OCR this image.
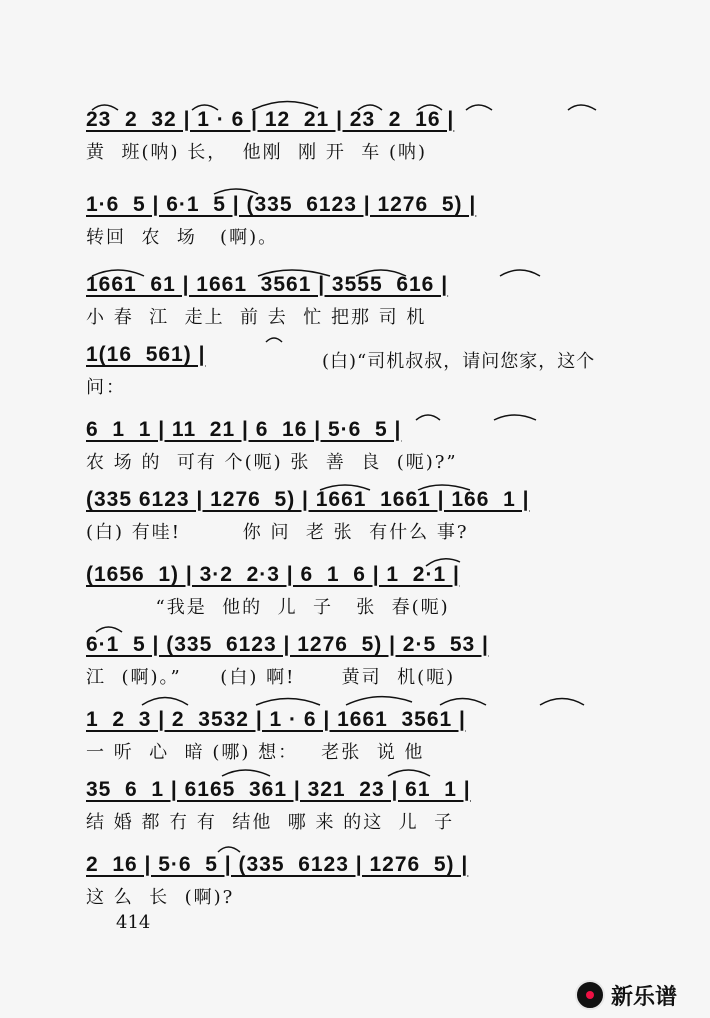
23  2  32 | 1 · 6 | 12  21 | 23  2  16 |
黄  班(呐) 长，  他刚  刚 开  车 (呐)
1·6  5 | 6·1  5 | (335  6123 | 1276  5) |
转回  农  场   (啊)。
1661  61 | 1661  3561 | 3555  616 |
小 春  江  走上  前 去  忙 把那 司 机
1(16  561) |
问：
(白)“司机叔叔，请问您家，这个
6  1  1 | 11  21 | 6  16 | 5·6  5 |
农 场 的  可有 个(呃) 张  善  良  (呃)?”
(335 6123 | 1276  5) | 1661  1661 | 166  1 |
(白) 有哇!        你 问  老 张  有什么 事?
(1656  1) | 3·2  2·3 | 6  1  6 | 1  2·1 |
“我是  他的  儿  子   张  春(呃)
6·1  5 | (335  6123 | 1276  5) | 2·5  53 |
江  (啊)。”     (白) 啊!      黄司  机(呃)
1  2  3 | 2  3532 | 1 · 6 | 1661  3561 |
一 听  心  暗 (哪) 想：   老张  说 他
35  6  1 | 6165  361 | 321  23 | 61  1 |
结 婚 都 冇 有  结他  哪 来 的这  儿  子
2  16 | 5·6  5 | (335  6123 | 1276  5) |
这 么  长  (啊)?
414
新乐谱
